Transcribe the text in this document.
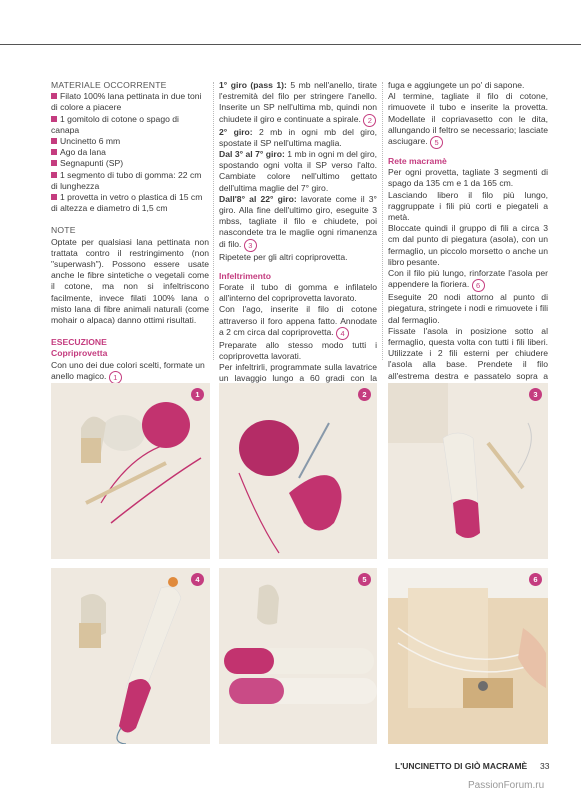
MATERIALE OCCORRENTE

Filato 100% lana pettinata in due toni di colore a piacere

1 gomitolo di cotone o spago di canapa

Uncinetto 6 mm

Ago da lana

Segnapunti (SP)

1 segmento di tubo di gomma: 22 cm di lunghezza

1 provetta in vetro o plastica di 15 cm di altezza e diametro di 1,5 cm

NOTE

Optate per qualsiasi lana pettinata non trattata contro il restringimento (non "superwash"). Possono essere usate anche le fibre sintetiche o vegetali come il cotone, ma non si infeltriscono facilmente, invece filati 100% lana o misto lana di fibre animali naturali (come mohair o alpaca) danno ottimi risultati.

ESECUZIONE

Copriprovetta

Con uno dei due colori scelti, formate un anello magico. 1

1° giro (pass 1): 5 mb nell'anello, tirate l'estremità del filo per stringere l'anello. Inserite un SP nell'ultima mb, quindi non chiudete il giro e continuate a spirale. 2

2° giro: 2 mb in ogni mb del giro, spostate il SP nell'ultima maglia.

Dal 3° al 7° giro: 1 mb in ogni m del giro, spostando ogni volta il SP verso l'alto. Cambiate colore nell'ultimo gettato dell'ultima maglie del 7° giro.

Dall'8° al 22° giro: lavorate come il 3° giro. Alla fine dell'ultimo giro, eseguite 3 mbss, tagliate il filo e chiudete, poi nascondete tra le maglie ogni rimanenza di filo. 3

Ripetete per gli altri copriprovetta.

Infeltrimento

Forate il tubo di gomma e infilatelo all'interno del copriprovetta lavorato.

Con l'ago, inserite il filo di cotone attraverso il foro appena fatto. Annodate a 2 cm circa dal copriprovetta. 4

Preparate allo stesso modo tutti i copriprovetta lavorati.

Per infeltrirli, programmate sulla lavatrice un lavaggio lungo a 60 gradi con la

fuga e aggiungete un po' di sapone.

Al termine, tagliate il filo di cotone, rimuovete il tubo e inserite la provetta. Modellate il copriavasetto con le dita, allungando il feltro se necessario; lasciate asciugare. 5

Rete macramè

Per ogni provetta, tagliate 3 segmenti di spago da 135 cm e 1 da 165 cm.

Lasciando libero il filo più lungo, raggruppate i fili più corti e piegateli a metà.

Bloccate quindi il gruppo di fili a circa 3 cm dal punto di piegatura (asola), con un fermaglio, un piccolo morsetto o anche un libro pesante.

Con il filo più lungo, rinforzate l'asola per appendere la fioriera. 6

Eseguite 20 nodi attorno al punto di piegatura, stringete i nodi e rimuovete i fili dal fermaglio.

Fissate l'asola in posizione sotto al fermaglio, questa volta con tutti i fili liberi. Utilizzate i 2 fili esterni per chiudere l'asola alla base. Prendete il filo all'estrema destra e passatelo sopra a

1	2	3
4	5	6
L'UNCINETTO DI GIÒ MACRAMÈ 33
PassionForum.ru
